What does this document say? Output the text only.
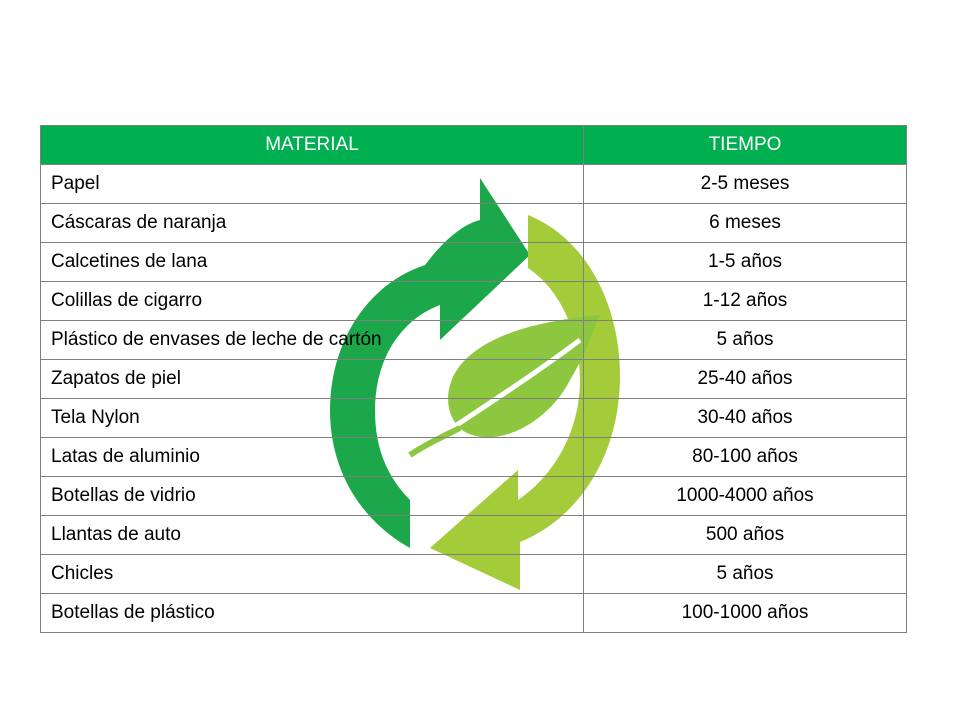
MATERIAL	TIEMPO
Papel	2-5 meses
Cáscaras de naranja	6 meses
Calcetines de lana	1-5 años
Colillas de cigarro	1-12 años
Plástico de envases de leche de cartón	5 años
Zapatos de piel	25-40 años
Tela Nylon	30-40 años
Latas de aluminio	80-100 años
Botellas de vidrio	1000-4000 años
Llantas de auto	500 años
Chicles	5 años
Botellas de plástico	100-1000 años
